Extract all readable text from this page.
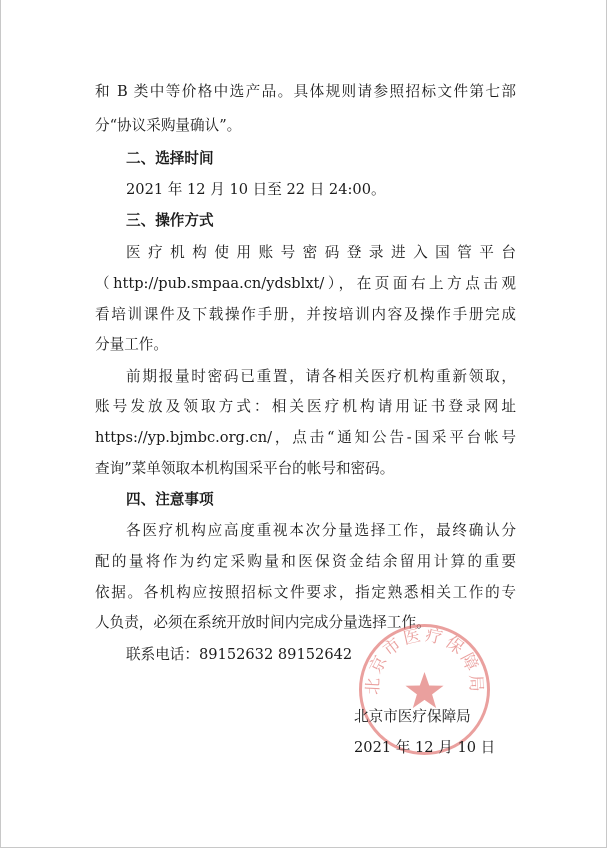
和 B 类中等价格中选产品。具体规则请参照招标文件第七部

分“协议采购量确认”。

二、选择时间

2021 年 12 月 10 日至 22 日 24:00。

三、操作方式

医疗机构使用账号密码登录进入国管平台

（http://pub.smpaa.cn/ydsblxt/），在页面右上方点击观

看培训课件及下载操作手册，并按培训内容及操作手册完成

分量工作。

前期报量时密码已重置，请各相关医疗机构重新领取，

账号发放及领取方式：相关医疗机构请用证书登录网址

https://yp.bjmbc.org.cn/，点击“通知公告-国采平台帐号

查询”菜单领取本机构国采平台的帐号和密码。

四、注意事项

各医疗机构应高度重视本次分量选择工作，最终确认分

配的量将作为约定采购量和医保资金结余留用计算的重要

依据。各机构应按照招标文件要求，指定熟悉相关工作的专

人负责，必须在系统开放时间内完成分量选择工作。

联系电话：89152632 89152642

北京市医疗保障局

北京市医疗保障局

2021 年 12 月 10 日
